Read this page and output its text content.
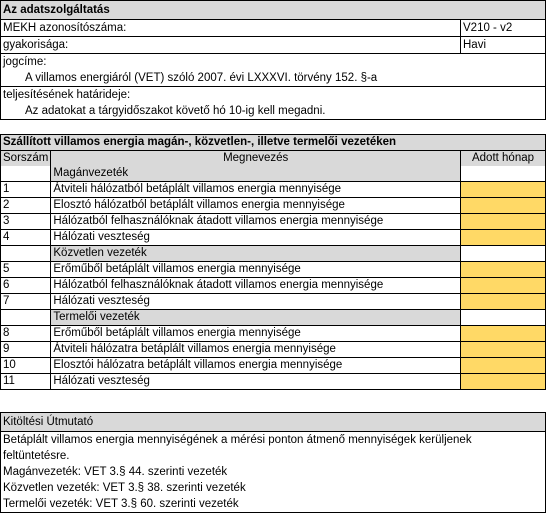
Az adatszolgáltatás
MEKH azonosítószáma:	V210 - v2
gyakorisága:	Havi
jogcíme:
A villamos energiáról (VET) szóló 2007. évi LXXXVI. törvény 152. §-a
teljesítésének határideje:
Az adatokat a tárgyidőszakot követő hó 10-ig kell megadni.
Szállított villamos energia magán-, közvetlen-, illetve termelői vezetéken		
Sorszám	Megnevezés	Adott hónap
	Magánvezeték	
1	Átviteli hálózatból betáplált villamos energia mennyisége	
2	Elosztó hálózatból betáplált villamos energia mennyisége	
3	Hálózatból felhasználóknak átadott villamos energia mennyisége	
4	Hálózati veszteség	
	Közvetlen vezeték	
5	Erőműből betáplált villamos energia mennyisége	
6	Hálózatból felhasználóknak átadott villamos energia mennyisége	
7	Hálózati veszteség	
	Termelői vezeték	
8	Erőműből betáplált villamos energia mennyisége	
9	Átviteli hálózatra betáplált villamos energia mennyisége	
10	Elosztói hálózatra betáplált villamos energia mennyisége	
11	Hálózati veszteség	
Kitöltési Útmutató
Betáplált villamos energia mennyiségének a mérési ponton átmenő mennyiségek kerüljenek
feltüntetésre.
Magánvezeték: VET 3.§ 44. szerinti vezeték
Közvetlen vezeték: VET 3.§ 38. szerinti vezeték
Termelői vezeték: VET 3.§ 60. szerinti vezeték
